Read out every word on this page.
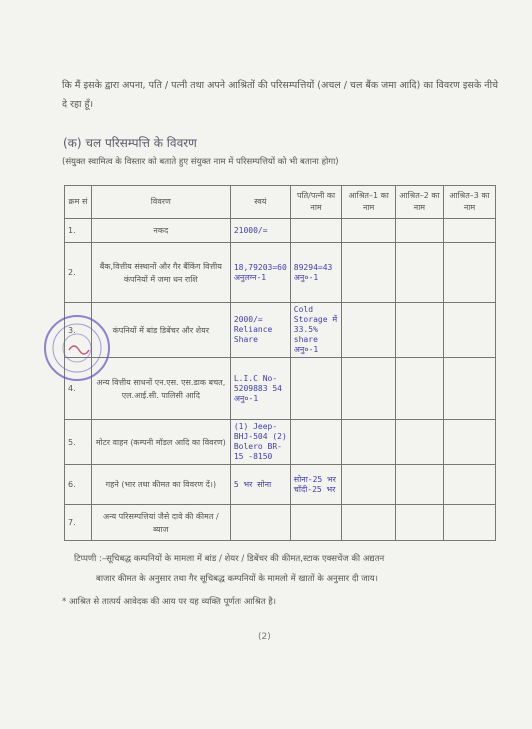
कि मैं इसके द्वारा अपना, पति / पत्नी तथा अपने आश्रितों की परिसम्पत्तियों (अचल / चल बैंक जमा आदि) का विवरण इसके नीचे दे रहा हूँ।
(क) चल परिसम्पत्ति के विवरण
(संयुक्त स्वामित्व के विस्तार को बताते हुए संयुक्त नाम में परिसम्पत्तियों को भी बताना होगा)
क्रम सं	विवरण	स्वयं	पति/पत्नी का नाम	आश्रित–1 का नाम	आश्रित–2 का नाम	आश्रित–3 का नाम
1.	नकद	21000/=				
2.	बैंक,वित्तीय संस्थानों और गैर बैंकिंग वित्तीय कंपनियों में जमा धन राशि	18,79203=60 अनुलग्न-1	89294=43 अनु०-1			
3.	कंपनियों में बांड डिबेंचर और शेयर	2000/= Reliance Share	Cold Storage में 33.5% share अनु०-1			
4.	अन्य वित्तीय साधनों एन.एस. एस.डाक बचत, एल.आई.सी. पालिसी आदि	L.I.C No- 5209883 54 अनु०-1				
5.	मोटर वाहन (कम्पनी मॉडल आदि का विवरण)	(1) Jeep- BHJ-504 (2) Bolero BR-15 -8150				
6.	गहने (भार तथा कीमत का विवरण दें।)	5 भर सोना	सोना-25 भर चाँदी-25 भर			
7.	अन्य परिसम्पत्तियां जैसे दावे की कीमत / ब्याज					
टिप्पणी :–सूचिबद्ध कम्पनियों के मामला में बांड / शेयर / डिबेंचर की कीमत,स्टाक एक्सचेंज की अद्यतन
बाजार कीमत के अनुसार तथा गैर सूचिबद्ध कम्पनियों के मामलो में खातों के अनुसार दी जाय।
* आश्रित से तात्पर्य आवेदक की आय पर यह व्यक्ति पूर्णतः आश्रित है।
(2)
